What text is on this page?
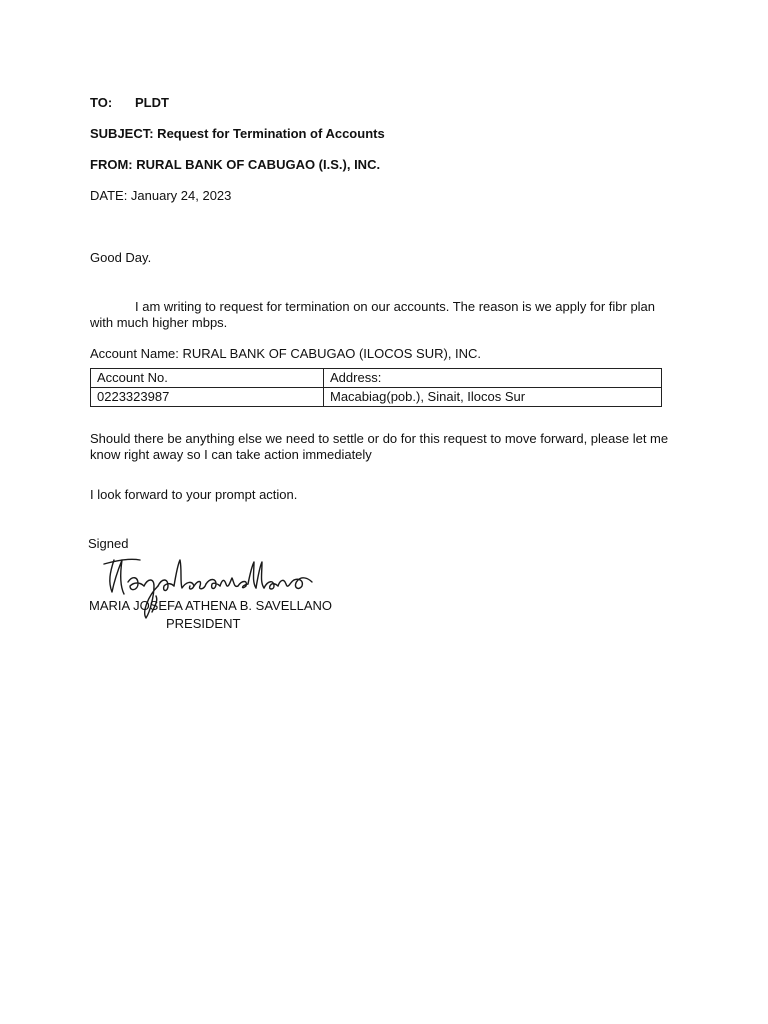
TO: PLDT
SUBJECT: Request for Termination of Accounts
FROM: RURAL BANK OF CABUGAO (I.S.), INC.
DATE: January 24, 2023
Good Day.
I am writing to request for termination on our accounts. The reason is we apply for fibr plan with much higher mbps.
Account Name: RURAL BANK OF CABUGAO (ILOCOS SUR), INC.
Account No.	Address:
0223323987	Macabiag(pob.), Sinait, Ilocos Sur
Should there be anything else we need to settle or do for this request to move forward, please let me know right away so I can take action immediately
I look forward to your prompt action.
Signed
MARIA JOSEFA ATHENA B. SAVELLANO
PRESIDENT
